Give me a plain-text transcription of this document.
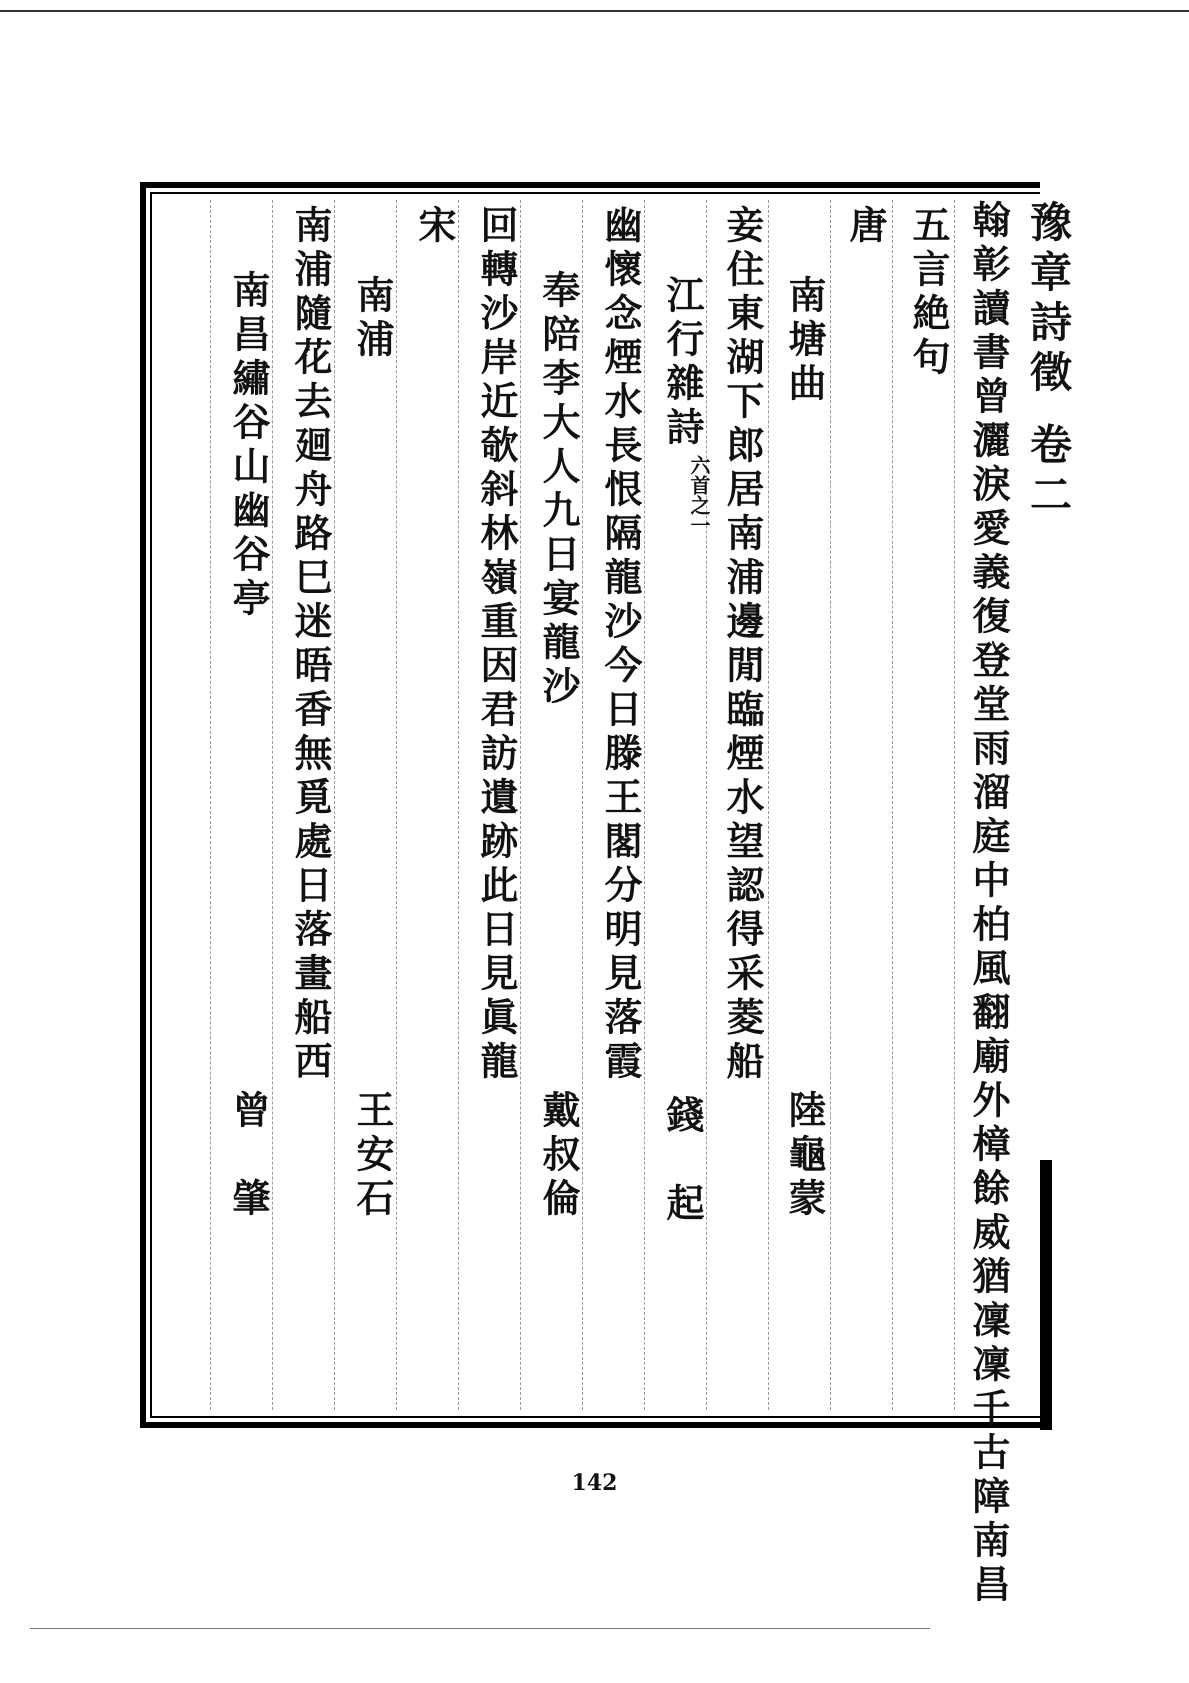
豫章詩徵 卷二
翰彰讀書曾灑淚愛義復登堂雨溜庭中柏風翻廟外樟餘威猶凜凜千古障南昌
五言絶句
唐
南塘曲
陸龜蒙
妾住東湖下郎居南浦邊閒臨煙水望認得采菱船
江行雜詩
六首之一
錢　起
幽懷念煙水長恨隔龍沙今日滕王閣分明見落霞
奉陪李大人九日宴龍沙
戴叔倫
回轉沙岸近欹斜林嶺重因君訪遺跡此日見眞龍
宋
南浦
王安石
南浦隨花去廻舟路巳迷晤香無覓處日落畫船西
南昌繡谷山幽谷亭
曾　肇
142
